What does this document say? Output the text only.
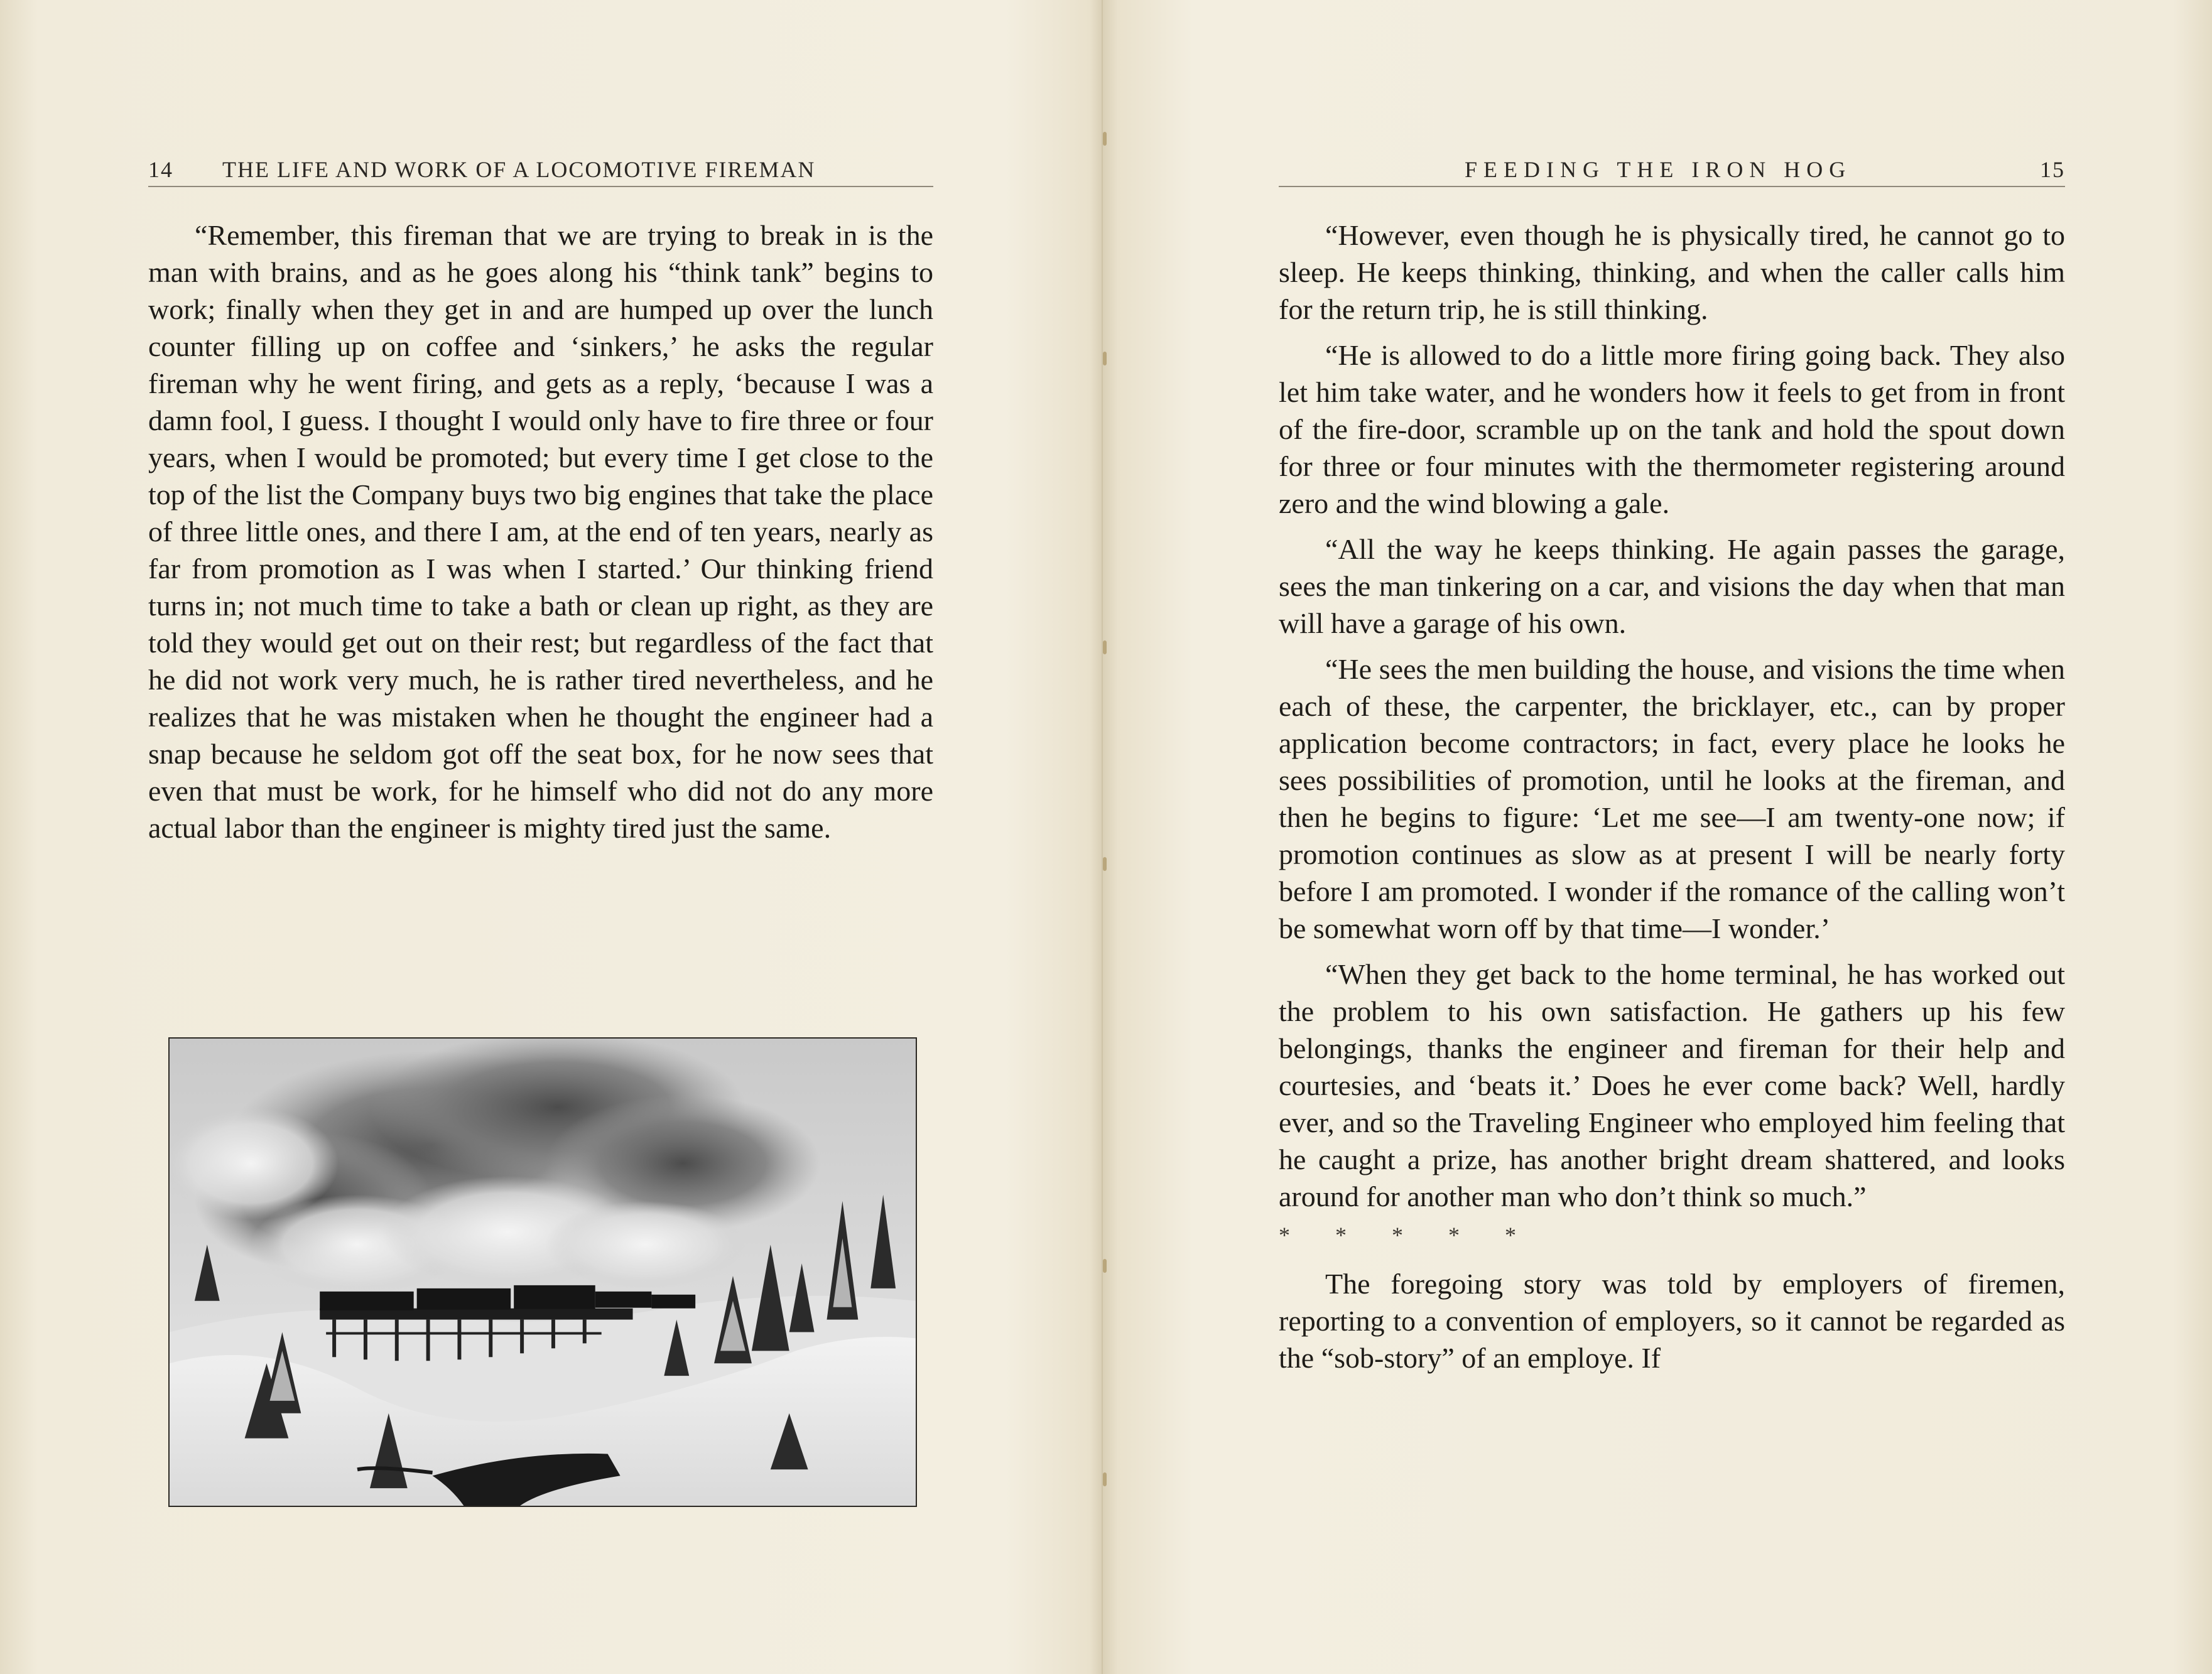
14 THE LIFE AND WORK OF A LOCOMOTIVE FIREMAN

“Remember, this fireman that we are trying to break in is the man with brains, and as he goes along his “think tank” begins to work; finally when they get in and are humped up over the lunch counter filling up on coffee and ‘sinkers,’ he asks the regular fireman why he went firing, and gets as a reply, ‘because I was a damn fool, I guess. I thought I would only have to fire three or four years, when I would be promoted; but every time I get close to the top of the list the Company buys two big engines that take the place of three little ones, and there I am, at the end of ten years, nearly as far from promotion as I was when I started.’ Our thinking friend turns in; not much time to take a bath or clean up right, as they are told they would get out on their rest; but regardless of the fact that he did not work very much, he is rather tired nevertheless, and he realizes that he was mistaken when he thought the engineer had a snap because he seldom got off the seat box, for he now sees that even that must be work, for he himself who did not do any more actual labor than the engineer is mighty tired just the same.

FEEDING THE IRON HOG	15

“However, even though he is physically tired, he cannot go to sleep. He keeps thinking, thinking, and when the caller calls him for the return trip, he is still thinking.

“He is allowed to do a little more firing going back. They also let him take water, and he wonders how it feels to get from in front of the fire-door, scramble up on the tank and hold the spout down for three or four minutes with the thermometer registering around zero and the wind blowing a gale.

“All the way he keeps thinking. He again passes the garage, sees the man tinkering on a car, and visions the day when that man will have a garage of his own.

“He sees the men building the house, and visions the time when each of these, the carpenter, the bricklayer, etc., can by proper application become contractors; in fact, every place he looks he sees possibilities of promotion, until he looks at the fireman, and then he begins to figure: ‘Let me see—I am twenty-one now; if promotion continues as slow as at present I will be nearly forty before I am promoted. I wonder if the romance of the calling won’t be somewhat worn off by that time—I wonder.’

“When they get back to the home terminal, he has worked out the problem to his own satisfaction. He gathers up his few belongings, thanks the engineer and fireman for their help and courtesies, and ‘beats it.’ Does he ever come back? Well, hardly ever, and so the Traveling Engineer who employed him feeling that he caught a prize, has another bright dream shattered, and looks around for another man who don’t think so much.”

* * * * *

The foregoing story was told by employers of firemen, reporting to a convention of employers, so it cannot be regarded as the “sob-story” of an employe. If
